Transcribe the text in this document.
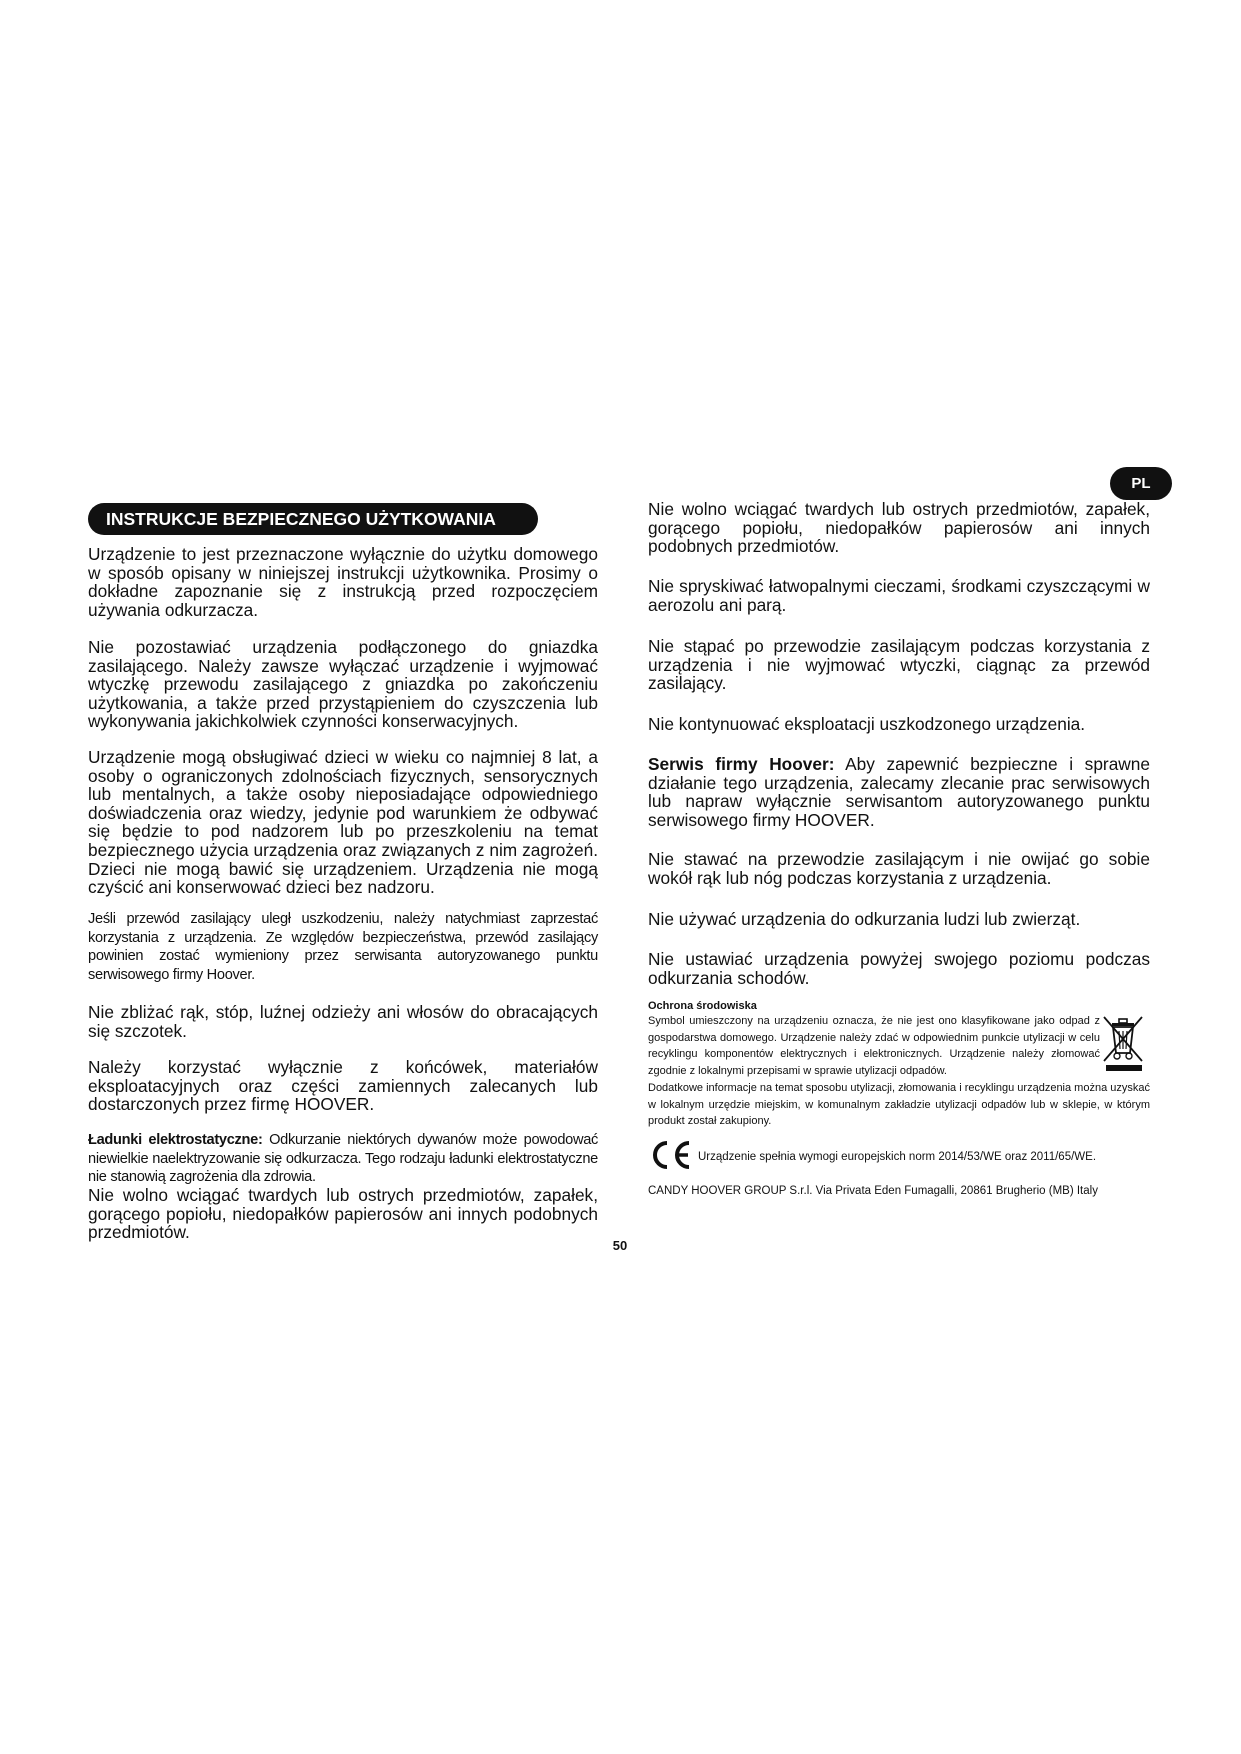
PL
INSTRUKCJE BEZPIECZNEGO UŻYTKOWANIA

Urządzenie to jest przeznaczone wyłącznie do użytku domowego w sposób opisany w niniejszej instrukcji użytkownika. Prosimy o dokładne zapoznanie się z instrukcją przed rozpoczęciem używania odkurzacza.

Nie pozostawiać urządzenia podłączonego do gniazdka zasilającego. Należy zawsze wyłączać urządzenie i wyjmować wtyczkę przewodu zasilającego z gniazdka po zakończeniu użytkowania, a także przed przystąpieniem do czyszczenia lub wykonywania jakichkolwiek czynności konserwacyjnych.

Urządzenie mogą obsługiwać dzieci w wieku co najmniej 8 lat, a osoby o ograniczonych zdolnościach fizycznych, sensorycznych lub mentalnych, a także osoby nieposiadające odpowiedniego doświadczenia oraz wiedzy, jedynie pod warunkiem że odbywać się będzie to pod nadzorem lub po przeszkoleniu na temat bezpiecznego użycia urządzenia oraz związanych z nim zagrożeń. Dzieci nie mogą bawić się urządzeniem. Urządzenia nie mogą czyścić ani konserwować dzieci bez nadzoru.

Jeśli przewód zasilający uległ uszkodzeniu, należy natychmiast zaprzestać korzystania z urządzenia. Ze względów bezpieczeństwa, przewód zasilający powinien zostać wymieniony przez serwisanta autoryzowanego punktu serwisowego firmy Hoover.

Nie zbliżać rąk, stóp, luźnej odzieży ani włosów do obracających się szczotek.

Należy korzystać wyłącznie z końcówek, materiałów eksploatacyjnych oraz części zamiennych zalecanych lub dostarczonych przez firmę HOOVER.

Ładunki elektrostatyczne: Odkurzanie niektórych dywanów może powodować niewielkie naelektryzowanie się odkurzacza. Tego rodzaju ładunki elektrostatyczne nie stanowią zagrożenia dla zdrowia.

Nie wolno wciągać twardych lub ostrych przedmiotów, zapałek, gorącego popiołu, niedopałków papierosów ani innych podobnych przedmiotów.

50

Nie wolno wciągać twardych lub ostrych przedmiotów, zapałek, gorącego popiołu, niedopałków papierosów ani innych podobnych przedmiotów.

Nie spryskiwać łatwopalnymi cieczami, środkami czyszczącymi w aerozolu ani parą.

Nie stąpać po przewodzie zasilającym podczas korzystania z urządzenia i nie wyjmować wtyczki, ciągnąc za przewód zasilający.

Nie kontynuować eksploatacji uszkodzonego urządzenia.

Serwis firmy Hoover: Aby zapewnić bezpieczne i sprawne działanie tego urządzenia, zalecamy zlecanie prac serwisowych lub napraw wyłącznie serwisantom autoryzowanego punktu serwisowego firmy HOOVER.

Nie stawać na przewodzie zasilającym i nie owijać go sobie wokół rąk lub nóg podczas korzystania z urządzenia.

Nie używać urządzenia do odkurzania ludzi lub zwierząt.

Nie ustawiać urządzenia powyżej swojego poziomu podczas odkurzania schodów.

Ochrona środowiska

Symbol umieszczony na urządzeniu oznacza, że nie jest ono klasyfikowane jako odpad z gospodarstwa domowego. Urządzenie należy zdać w odpowiednim punkcie utylizacji w celu recyklingu komponentów elektrycznych i elektronicznych. Urządzenie należy złomować zgodnie z lokalnymi przepisami w sprawie utylizacji odpadów.

Dodatkowe informacje na temat sposobu utylizacji, złomowania i recyklingu urządzenia można uzyskać w lokalnym urzędzie miejskim, w komunalnym zakładzie utylizacji odpadów lub w sklepie, w którym produkt został zakupiony.

Urządzenie spełnia wymogi europejskich norm 2014/53/WE oraz 2011/65/WE.

CANDY HOOVER GROUP S.r.l. Via Privata Eden Fumagalli, 20861 Brugherio (MB) Italy
